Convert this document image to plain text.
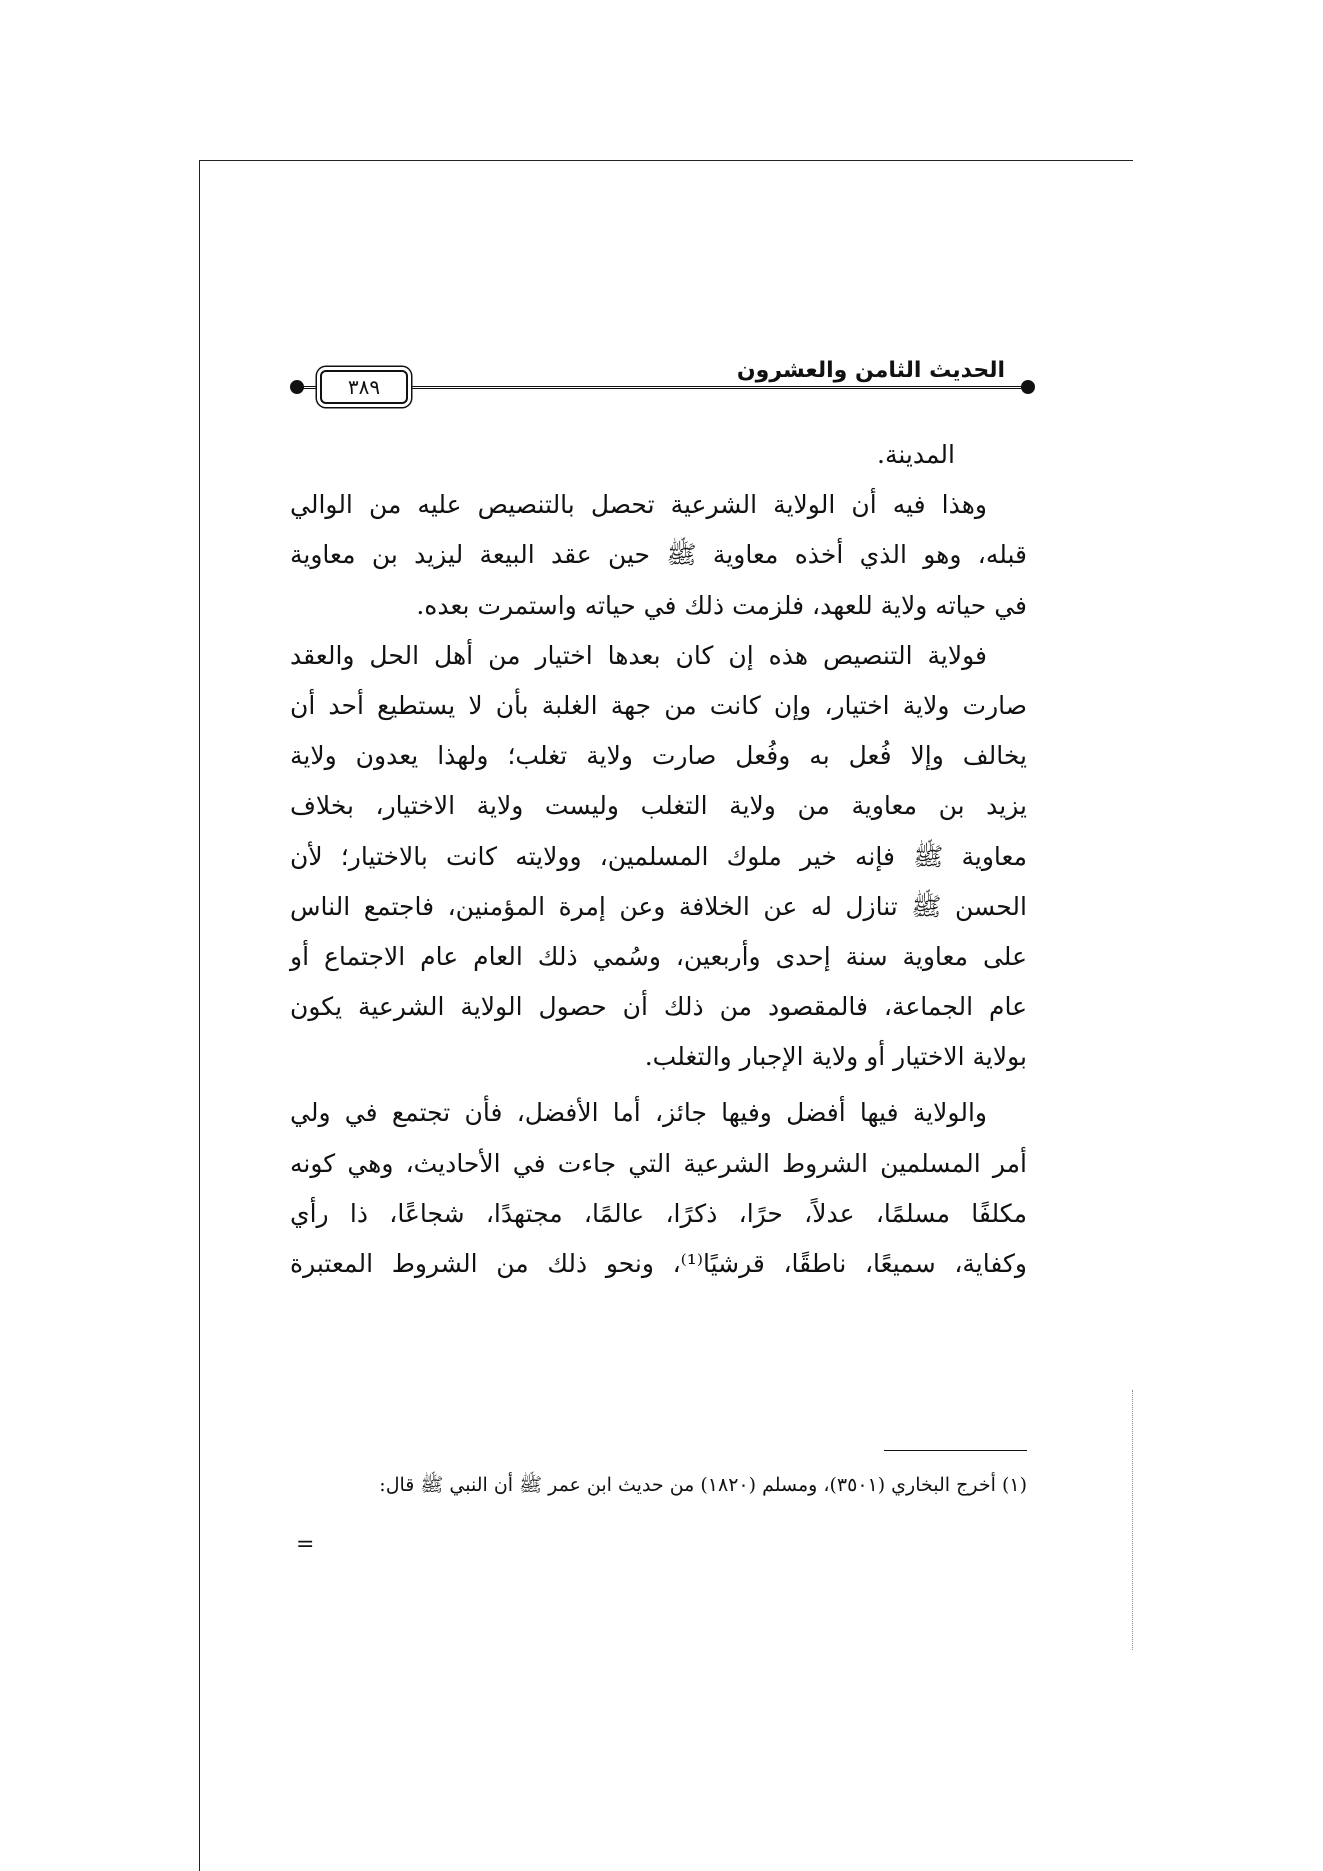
٣٨٩
الحديث الثامن والعشرون
المدينة.
وهذا فيه أن الولاية الشرعية تحصل بالتنصيص عليه من الوالي
قبله، وهو الذي أخذه معاوية ﷺ حين عقد البيعة ليزيد بن معاوية
في حياته ولاية للعهد، فلزمت ذلك في حياته واستمرت بعده.
فولاية التنصيص هذه إن كان بعدها اختيار من أهل الحل والعقد
صارت ولاية اختيار، وإن كانت من جهة الغلبة بأن لا يستطيع أحد أن
يخالف وإلا فُعل به وفُعل صارت ولاية تغلب؛ ولهذا يعدون ولاية
يزيد بن معاوية من ولاية التغلب وليست ولاية الاختيار، بخلاف
معاوية ﷺ فإنه خير ملوك المسلمين، وولايته كانت بالاختيار؛ لأن
الحسن ﷺ تنازل له عن الخلافة وعن إمرة المؤمنين، فاجتمع الناس
على معاوية سنة إحدى وأربعين، وسُمي ذلك العام عام الاجتماع أو
عام الجماعة، فالمقصود من ذلك أن حصول الولاية الشرعية يكون
بولاية الاختيار أو ولاية الإجبار والتغلب.
والولاية فيها أفضل وفيها جائز، أما الأفضل، فأن تجتمع في ولي
أمر المسلمين الشروط الشرعية التي جاءت في الأحاديث، وهي كونه
مكلفًا مسلمًا، عدلاً، حرًا، ذكرًا، عالمًا، مجتهدًا، شجاعًا، ذا رأي
وكفاية، سميعًا، ناطقًا، قرشيًا⁽¹⁾، ونحو ذلك من الشروط المعتبرة
(١) أخرج البخاري (٣٥٠١)، ومسلم (١٨٢٠) من حديث ابن عمر ﷺ أن النبي ﷺ قال:
=
